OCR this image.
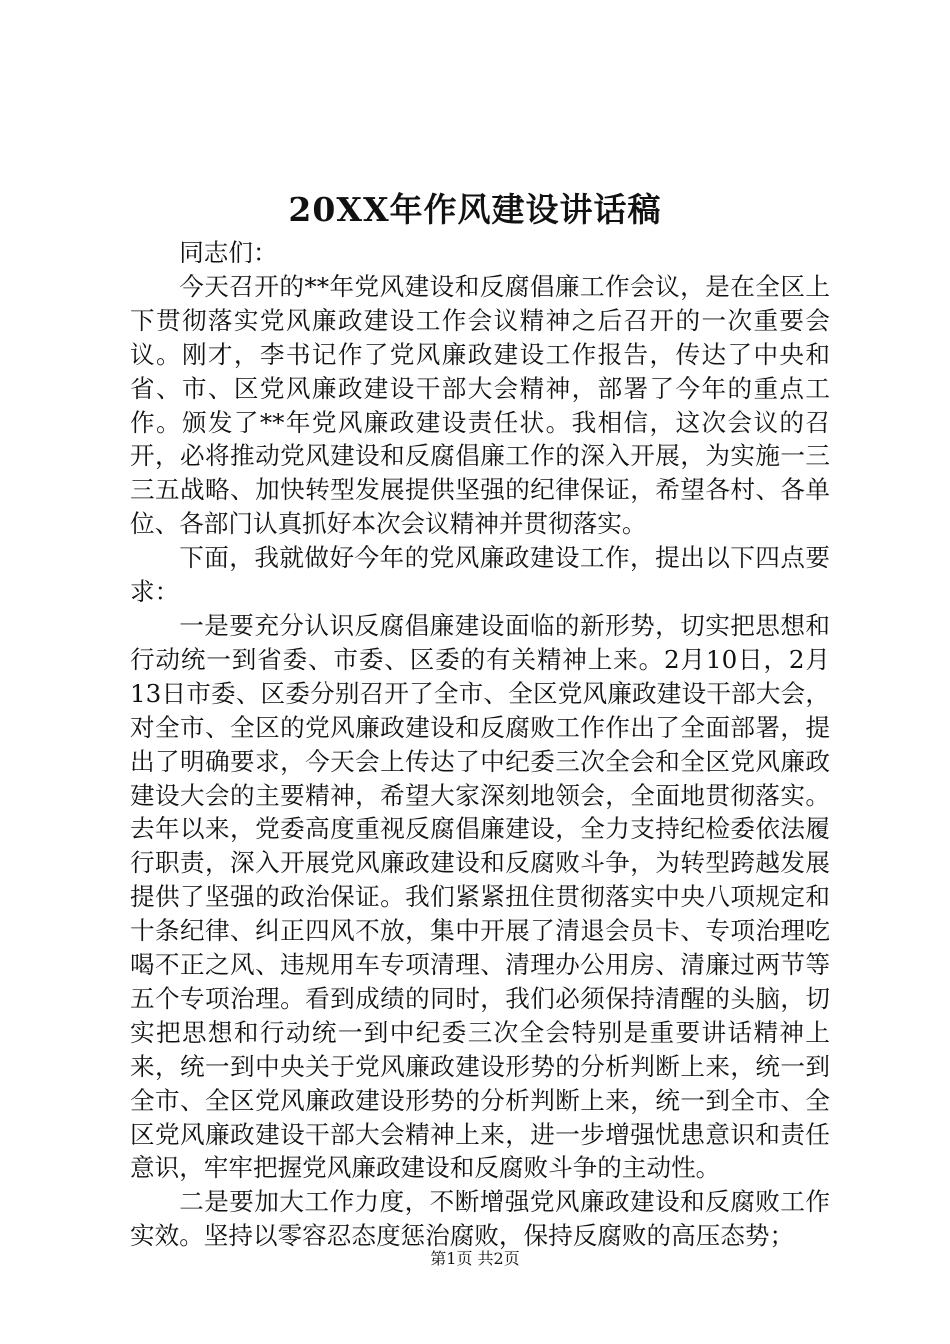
20XX年作风建设讲话稿

同志们：

今天召开的**年党风建设和反腐倡廉工作会议，是在全区上下贯彻落实党风廉政建设工作会议精神之后召开的一次重要会议。刚才，李书记作了党风廉政建设工作报告，传达了中央和省、市、区党风廉政建设干部大会精神，部署了今年的重点工作。颁发了**年党风廉政建设责任状。我相信，这次会议的召开，必将推动党风建设和反腐倡廉工作的深入开展，为实施一三三五战略、加快转型发展提供坚强的纪律保证，希望各村、各单位、各部门认真抓好本次会议精神并贯彻落实。

下面，我就做好今年的党风廉政建设工作，提出以下四点要求：

一是要充分认识反腐倡廉建设面临的新形势，切实把思想和行动统一到省委、市委、区委的有关精神上来。2月10日，2月13日市委、区委分别召开了全市、全区党风廉政建设干部大会，对全市、全区的党风廉政建设和反腐败工作作出了全面部署，提出了明确要求，今天会上传达了中纪委三次全会和全区党风廉政建设大会的主要精神，希望大家深刻地领会，全面地贯彻落实。去年以来，党委高度重视反腐倡廉建设，全力支持纪检委依法履行职责，深入开展党风廉政建设和反腐败斗争，为转型跨越发展提供了坚强的政治保证。我们紧紧扭住贯彻落实中央八项规定和十条纪律、纠正四风不放，集中开展了清退会员卡、专项治理吃喝不正之风、违规用车专项清理、清理办公用房、清廉过两节等五个专项治理。看到成绩的同时，我们必须保持清醒的头脑，切实把思想和行动统一到中纪委三次全会特别是重要讲话精神上来，统一到中央关于党风廉政建设形势的分析判断上来，统一到全市、全区党风廉政建设形势的分析判断上来，统一到全市、全区党风廉政建设干部大会精神上来，进一步增强忧患意识和责任意识，牢牢把握党风廉政建设和反腐败斗争的主动性。

二是要加大工作力度，不断增强党风廉政建设和反腐败工作实效。坚持以零容忍态度惩治腐败，保持反腐败的高压态势；

第1页 共2页
